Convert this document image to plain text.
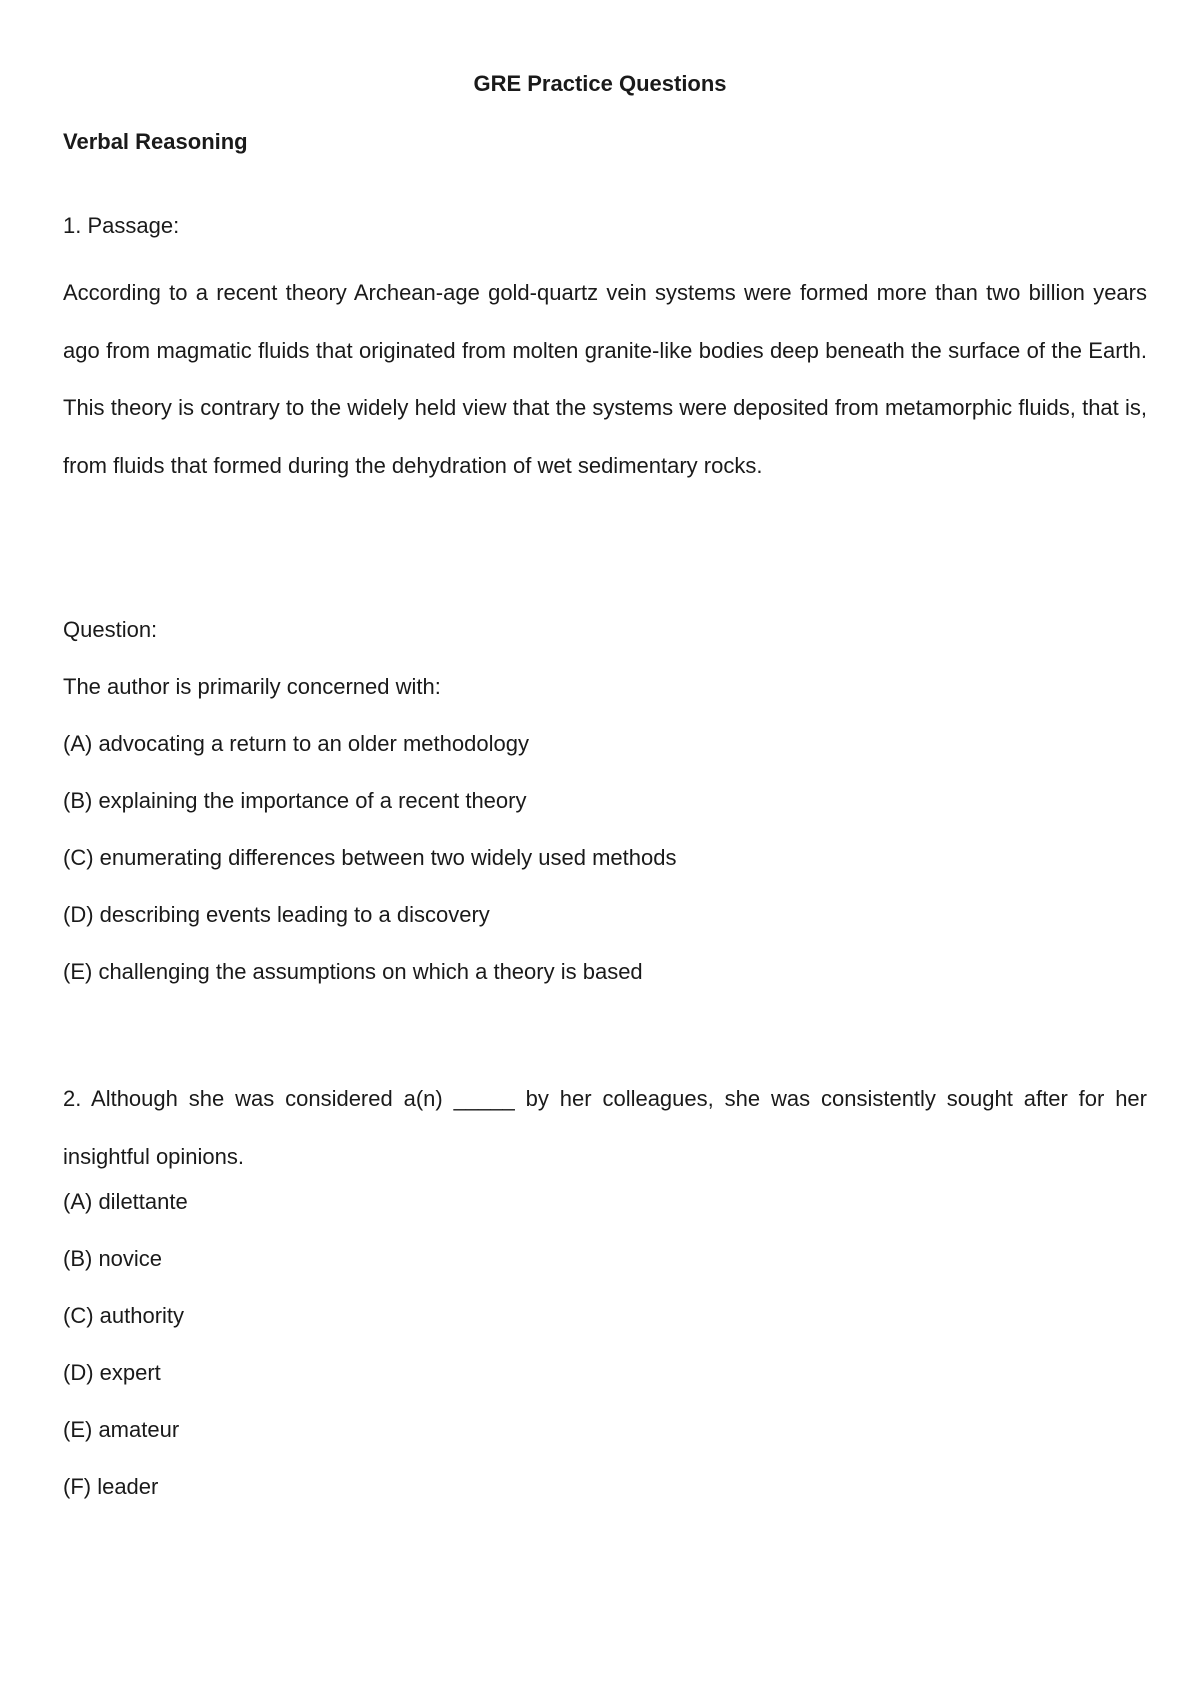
GRE Practice Questions
Verbal Reasoning
1. Passage:

According to a recent theory Archean-age gold-quartz vein systems were formed more than two billion years ago from magmatic fluids that originated from molten granite-like bodies deep beneath the surface of the Earth. This theory is contrary to the widely held view that the systems were deposited from metamorphic fluids, that is, from fluids that formed during the dehydration of wet sedimentary rocks.

Question:
The author is primarily concerned with:
(A) advocating a return to an older methodology
(B) explaining the importance of a recent theory
(C) enumerating differences between two widely used methods
(D) describing events leading to a discovery
(E) challenging the assumptions on which a theory is based

2. Although she was considered a(n) _____ by her colleagues, she was consistently sought after for her insightful opinions.

(A) dilettante
(B) novice
(C) authority
(D) expert
(E) amateur
(F) leader
